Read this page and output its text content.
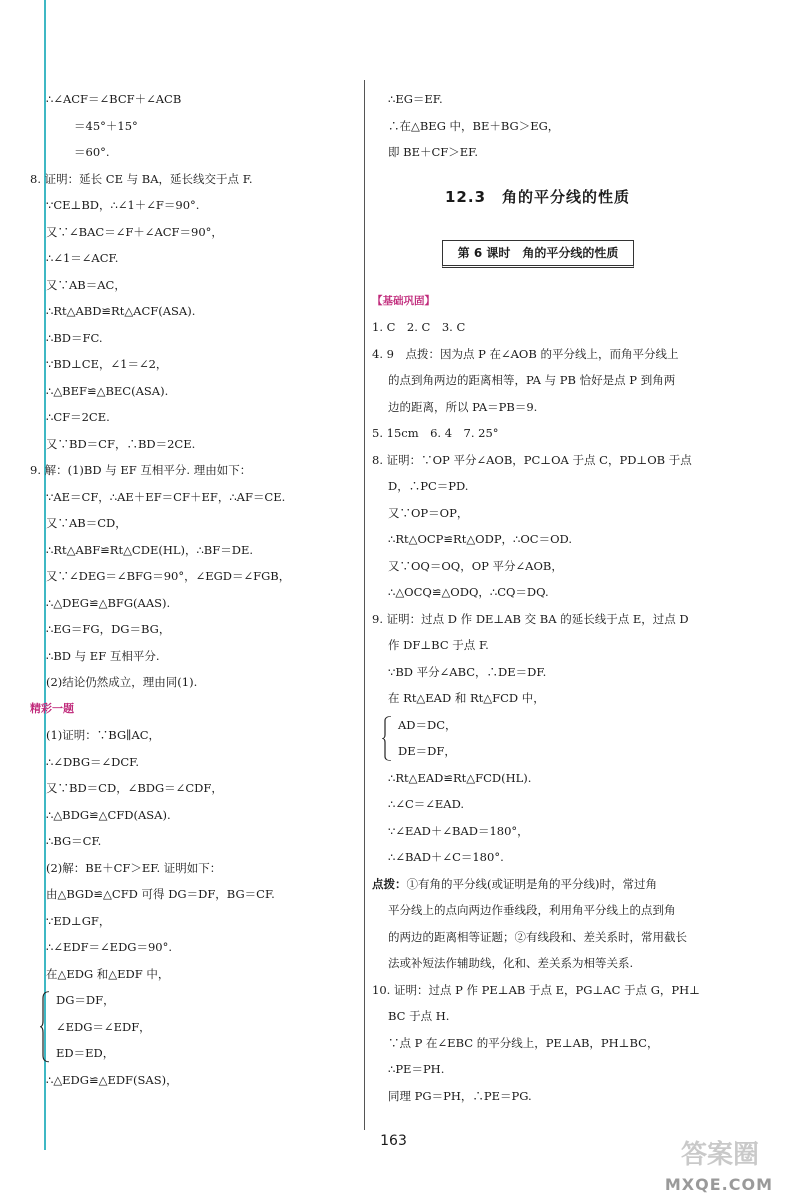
∴∠ACF＝∠BCF＋∠ACB
＝45°＋15°
＝60°.
8. 证明：延长 CE 与 BA，延长线交于点 F.
∵CE⊥BD，∴∠1＋∠F＝90°.
又∵∠BAC＝∠F＋∠ACF＝90°，
∴∠1＝∠ACF.
又∵AB＝AC，
∴Rt△ABD≌Rt△ACF(ASA).
∴BD＝FC.
∵BD⊥CE，∠1＝∠2，
∴△BEF≌△BEC(ASA).
∴CF＝2CE.
又∵BD＝CF，∴BD＝2CE.
9. 解：(1)BD 与 EF 互相平分. 理由如下：
∵AE＝CF，∴AE＋EF＝CF＋EF，∴AF＝CE.
又∵AB＝CD，
∴Rt△ABF≌Rt△CDE(HL)，∴BF＝DE.
又∵∠DEG＝∠BFG＝90°，∠EGD＝∠FGB，
∴△DEG≌△BFG(AAS).
∴EG＝FG，DG＝BG，
∴BD 与 EF 互相平分.
(2)结论仍然成立，理由同(1).
精彩一题
(1)证明：∵BG∥AC，
∴∠DBG＝∠DCF.
又∵BD＝CD，∠BDG＝∠CDF，
∴△BDG≌△CFD(ASA).
∴BG＝CF.
(2)解：BE＋CF＞EF. 证明如下：
由△BGD≌△CFD 可得 DG＝DF，BG＝CF.
∵ED⊥GF，
∴∠EDF＝∠EDG＝90°.
在△EDG 和△EDF 中，
DG＝DF，
∠EDG＝∠EDF，
ED＝ED，
∴△EDG≌△EDF(SAS)，
∴EG＝EF.
∴在△BEG 中，BE＋BG＞EG，
即 BE＋CF＞EF.
【基础巩固】
1. C　2. C　3. C
4. 9　点拨：因为点 P 在∠AOB 的平分线上，而角平分线上
的点到角两边的距离相等，PA 与 PB 恰好是点 P 到角两
边的距离，所以 PA＝PB＝9.
5. 15cm　6. 4　7. 25°
8. 证明：∵OP 平分∠AOB，PC⊥OA 于点 C，PD⊥OB 于点
D，∴PC＝PD.
又∵OP＝OP，
∴Rt△OCP≌Rt△ODP，∴OC＝OD.
又∵OQ＝OQ，OP 平分∠AOB，
∴△OCQ≌△ODQ，∴CQ＝DQ.
9. 证明：过点 D 作 DE⊥AB 交 BA 的延长线于点 E，过点 D
作 DF⊥BC 于点 F.
∵BD 平分∠ABC，∴DE＝DF.
在 Rt△EAD 和 Rt△FCD 中，
AD＝DC，
DE＝DF，
∴Rt△EAD≌Rt△FCD(HL).
∴∠C＝∠EAD.
∵∠EAD＋∠BAD＝180°，
∴∠BAD＋∠C＝180°.
点拨：①有角的平分线(或证明是角的平分线)时，常过角
平分线上的点向两边作垂线段，利用角平分线上的点到角
的两边的距离相等证题；②有线段和、差关系时，常用截长
法或补短法作辅助线，化和、差关系为相等关系.
10. 证明：过点 P 作 PE⊥AB 于点 E，PG⊥AC 于点 G，PH⊥
BC 于点 H.
∵点 P 在∠EBC 的平分线上，PE⊥AB，PH⊥BC，
∴PE＝PH.
同理 PG＝PH，∴PE＝PG.
12.3　角的平分线的性质
第 6 课时　角的平分线的性质
163	答案圈
MXQE.COM
